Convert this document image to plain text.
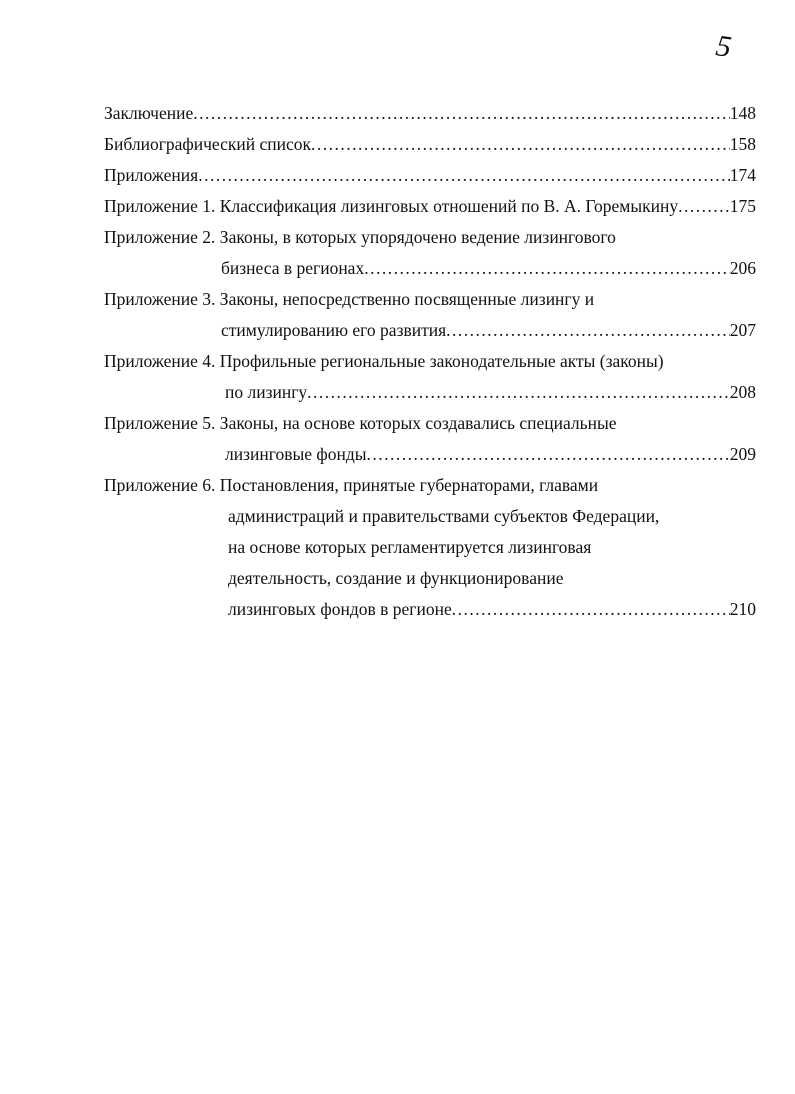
5
Заключение .....	148
Библиографический список .....	158
Приложения .....	174
Приложение 1. Классификация лизинговых отношений по В. А. Горемыкину .....	175
Приложение 2. Законы, в которых упорядочено ведение лизингового
бизнеса в регионах .....	206
Приложение 3. Законы, непосредственно посвященные лизингу и
стимулированию его развития .....	207
Приложение 4. Профильные региональные законодательные акты (законы)
по лизингу .....	208
Приложение 5. Законы, на основе которых создавались специальные
лизинговые фонды .....	209
Приложение 6. Постановления, принятые губернаторами, главами
администраций и правительствами субъектов Федерации,
на основе которых регламентируется лизинговая
деятельность, создание и функционирование
лизинговых фондов в регионе .....	210
